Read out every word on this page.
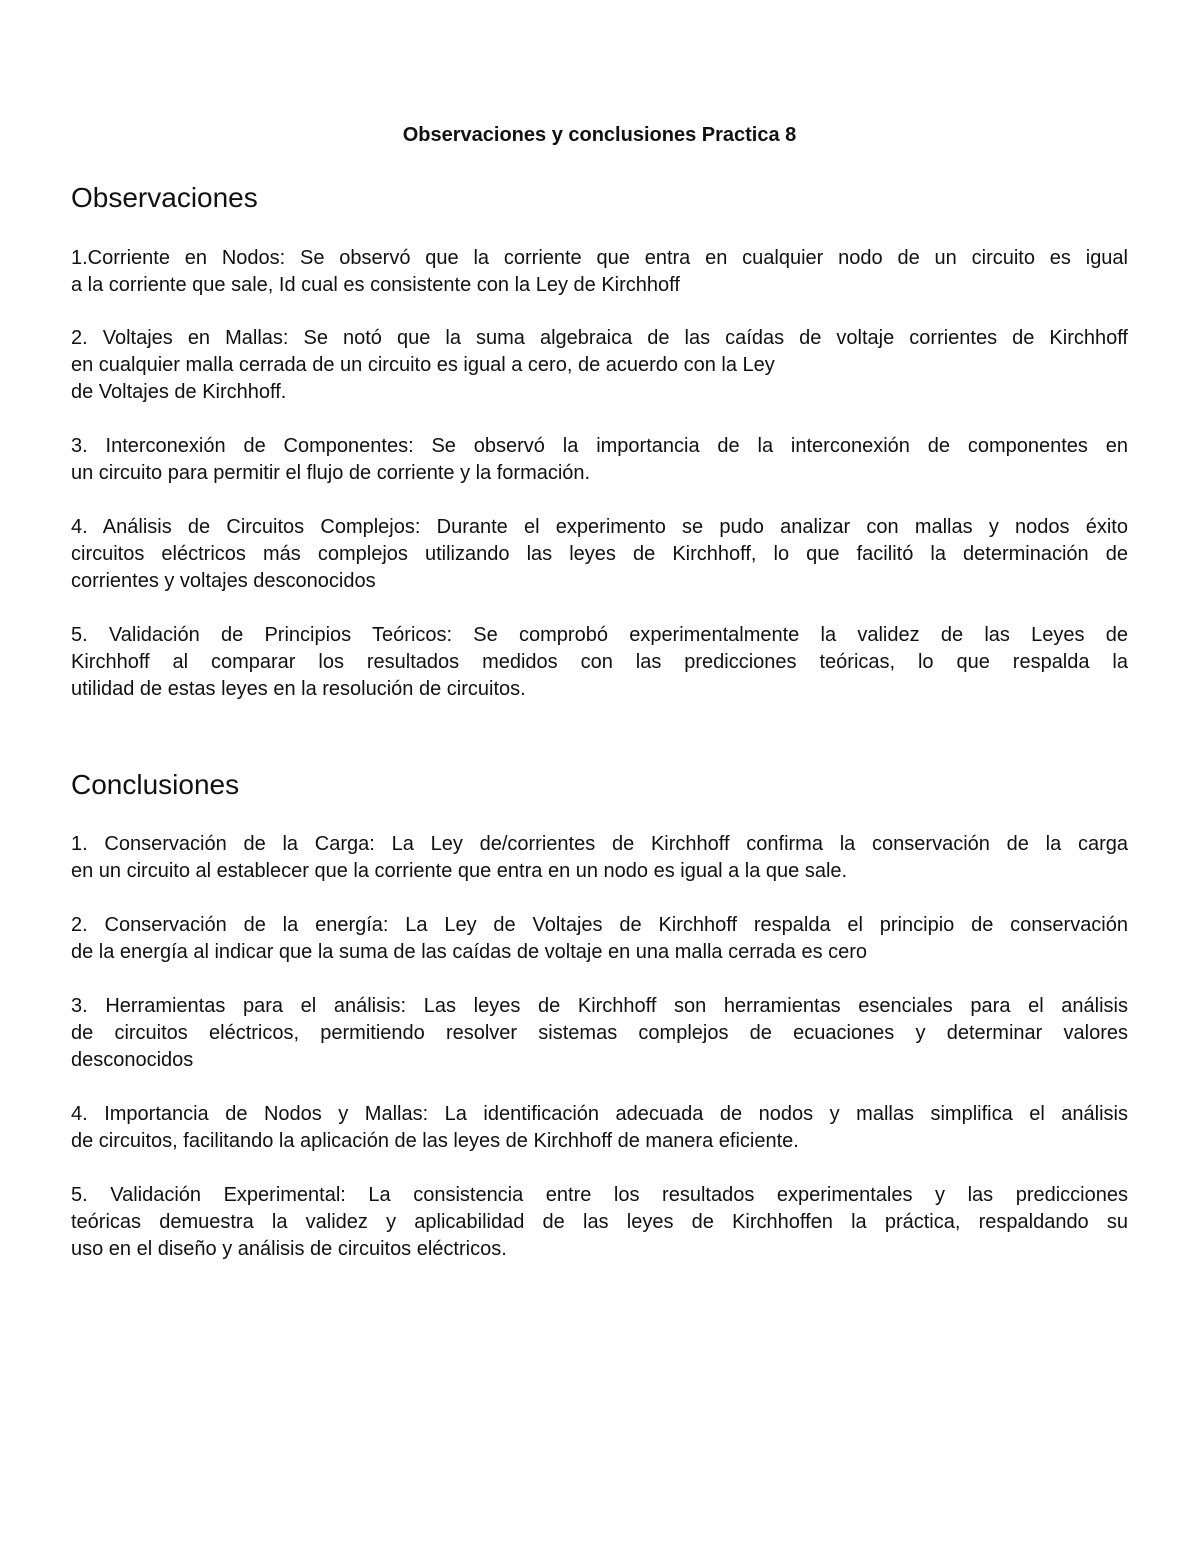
Observaciones y conclusiones Practica 8
Observaciones
1.Corriente en Nodos: Se observó que la corriente que entra en cualquier nodo de un circuito es igual
a la corriente que sale, Id cual es consistente con la Ley de Kirchhoff
2. Voltajes en Mallas: Se notó que la suma algebraica de las caídas de voltaje corrientes de Kirchhoff
en cualquier malla cerrada de un circuito es igual a cero, de acuerdo con la Ley
de Voltajes de Kirchhoff.
3. Interconexión de Componentes: Se observó la importancia de la interconexión de componentes en
un circuito para permitir el flujo de corriente y la formación.
4. Análisis de Circuitos Complejos: Durante el experimento se pudo analizar con mallas y nodos éxito
circuitos eléctricos más complejos utilizando las leyes de Kirchhoff, lo que facilitó la determinación de
corrientes y voltajes desconocidos
5. Validación de Principios Teóricos: Se comprobó experimentalmente la validez de las Leyes de
Kirchhoff al comparar los resultados medidos con las predicciones teóricas, lo que respalda la
utilidad de estas leyes en la resolución de circuitos.
Conclusiones
1. Conservación de la Carga: La Ley de/corrientes de Kirchhoff confirma la conservación de la carga
en un circuito al establecer que la corriente que entra en un nodo es igual a la que sale.
2. Conservación de la energía: La Ley de Voltajes de Kirchhoff respalda el principio de conservación
de la energía al indicar que la suma de las caídas de voltaje en una malla cerrada es cero
3. Herramientas para el análisis: Las leyes de Kirchhoff son herramientas esenciales para el análisis
de circuitos eléctricos, permitiendo resolver sistemas complejos de ecuaciones y determinar valores
desconocidos
4. Importancia de Nodos y Mallas: La identificación adecuada de nodos y mallas simplifica el análisis
de circuitos, facilitando la aplicación de las leyes de Kirchhoff de manera eficiente.
5. Validación Experimental: La consistencia entre los resultados experimentales y las predicciones
teóricas demuestra la validez y aplicabilidad de las leyes de Kirchhoffen la práctica, respaldando su
uso en el diseño y análisis de circuitos eléctricos.
